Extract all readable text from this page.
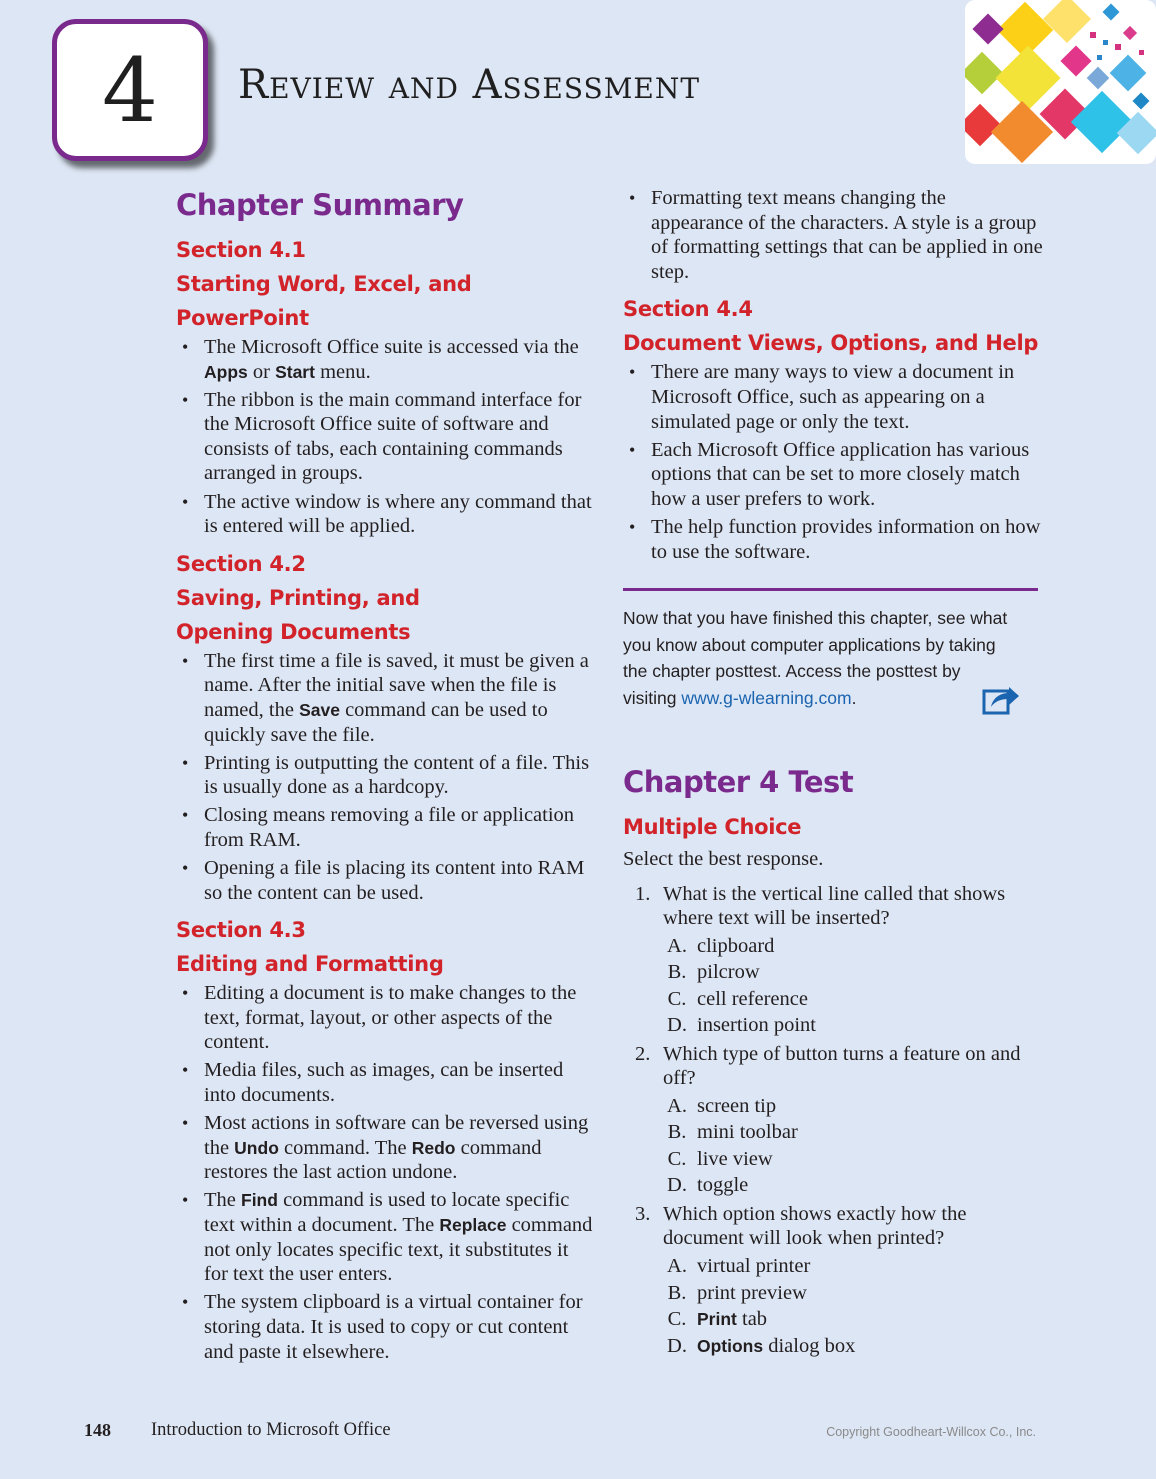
4 Review and Assessment
Chapter Summary
Section 4.1
Starting Word, Excel, and PowerPoint
• The Microsoft Office suite is accessed via the Apps or Start menu.
• The ribbon is the main command interface for the Microsoft Office suite of software and consists of tabs, each containing commands arranged in groups.
• The active window is where any command that is entered will be applied.
Section 4.2
Saving, Printing, and Opening Documents
• The first time a file is saved, it must be given a name. After the initial save when the file is named, the Save command can be used to quickly save the file.
• Printing is outputting the content of a file. This is usually done as a hardcopy.
• Closing means removing a file or application from RAM.
• Opening a file is placing its content into RAM so the content can be used.
Section 4.3
Editing and Formatting
• Editing a document is to make changes to the text, format, layout, or other aspects of the content.
• Media files, such as images, can be inserted into documents.
• Most actions in software can be reversed using the Undo command. The Redo command restores the last action undone.
• The Find command is used to locate specific text within a document. The Replace command not only locates specific text, it substitutes it for text the user enters.
• The system clipboard is a virtual container for storing data. It is used to copy or cut content and paste it elsewhere.
• Formatting text means changing the appearance of the characters. A style is a group of formatting settings that can be applied in one step.
Section 4.4
Document Views, Options, and Help
• There are many ways to view a document in Microsoft Office, such as appearing on a simulated page or only the text.
• Each Microsoft Office application has various options that can be set to more closely match how a user prefers to work.
• The help function provides information on how to use the software.
Now that you have finished this chapter, see what you know about computer applications by taking the chapter posttest. Access the posttest by visiting www.g-wlearning.com.
Chapter 4 Test
Multiple Choice

Select the best response.

1. What is the vertical line called that shows where text will be inserted?
A. clipboard
B. pilcrow
C. cell reference
D. insertion point
2. Which type of button turns a feature on and off?
A. screen tip
B. mini toolbar
C. live view
D. toggle
3. Which option shows exactly how the document will look when printed?
A. virtual printer
B. print preview
C. Print tab
D. Options dialog box
148 Introduction to Microsoft Office	Copyright Goodheart-Willcox Co., Inc.
